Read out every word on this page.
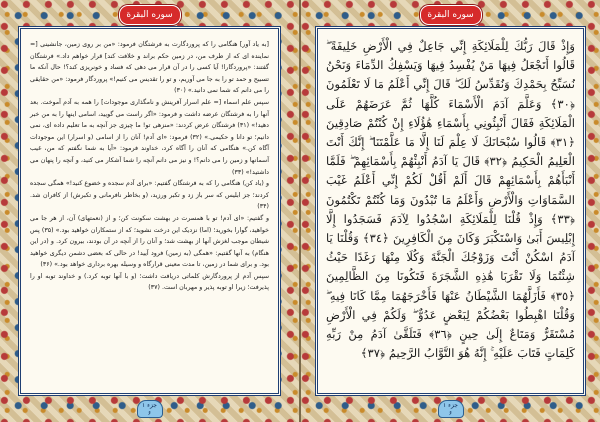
سوره البقرة
[به یاد آور] هنگامی را که پروردگارت به فرشتگان فرمود: «من بر روی زمین، جانشینی [= نماینده ای که از طرف من، در زمین حکم براند و خلافت کند] قرار خواهم داد.» فرشتگان گفتند: «پروردگارا! آیا کسی را در آن قرار می دهی که فساد و خونریزی کند؟! حال آنکه ما تسبیح و حمد تو را به جا می آوریم، و تو را تقدیس می کنیم!» پروردگار فرمود: «من حقایقی را می دانم که شما نمی دانید.» (۳۰)
سپس علم اسماء [= علم اسرار آفرینش و نامگذاری موجودات] را همه به آدم آموخت. بعد آنها را به فرشتگان عرضه داشت و فرمود: «اگر راست می گویید، اسامی اینها را به من خبر دهید!» (۳۱) فرشتگان عرض کردند: «منزهی تو! ما چیزی جز آنچه به ما تعلیم داده ای، نمی دانیم؛ تو دانا و حکیمی.» (۳۲) فرمود: «ای آدم! آنان را از اسامی (و اسرار) این موجودات آگاه کن.» هنگامی که آنان را آگاه کرد، خداوند فرمود: «آیا به شما نگفتم که من، غیب آسمانها و زمین را می دانم؟! و نیز می دانم آنچه را شما آشکار می کنید، و آنچه را پنهان می داشتید!» (۳۳)
و (یاد کن) هنگامی را که به فرشتگان گفتیم: «برای آدم سجده و خضوع کنید!» همگی سجده کردند؛ جز ابلیس که سر باز زد و تکبر ورزید، (و بخاطر نافرمانی و تکبرش) از کافران شد. (۳۴)
و گفتیم: «ای آدم! تو با همسرت در بهشت سکونت کن؛ و از (نعمتهای) آن، از هر جا می خواهید، گوارا بخورید؛ (اما) نزدیک این درخت نشوید؛ که از ستمکاران خواهید بود.» (۳۵) پس شیطان موجب لغزش آنها از بهشت شد؛ و آنان را از آنچه در آن بودند، بیرون کرد. و (در این هنگام) به آنها گفتیم: «همگی (به زمین) فرود آیید! در حالی که بعضی دشمن دیگری خواهید بود. و برای شما در زمین، تا مدت معینی قرارگاه و وسیله بهره برداری خواهد بود.» (۳۶)
سپس آدم از پروردگارش کلماتی دریافت داشت؛ (و با آنها توبه کرد.) و خداوند توبه او را پذیرفت؛ زیرا او توبه پذیر و مهربان است. (۳۷)
جزء ۱
۶
سوره البقرة
وَإِذْ قَالَ رَبُّكَ لِلْمَلَائِكَةِ إِنِّي جَاعِلٌ فِي الْأَرْضِ خَلِيفَةً ۖ قَالُوا أَتَجْعَلُ فِيهَا مَنْ يُفْسِدُ فِيهَا وَيَسْفِكُ الدِّمَاءَ وَنَحْنُ نُسَبِّحُ بِحَمْدِكَ وَنُقَدِّسُ لَكَ ۖ قَالَ إِنِّي أَعْلَمُ مَا لَا تَعْلَمُونَ ﴿٣٠﴾ وَعَلَّمَ آدَمَ الْأَسْمَاءَ كُلَّهَا ثُمَّ عَرَضَهُمْ عَلَى الْمَلَائِكَةِ فَقَالَ أَنْبِئُونِي بِأَسْمَاءِ هَٰؤُلَاءِ إِنْ كُنْتُمْ صَادِقِينَ ﴿٣١﴾ قَالُوا سُبْحَانَكَ لَا عِلْمَ لَنَا إِلَّا مَا عَلَّمْتَنَا ۖ إِنَّكَ أَنْتَ الْعَلِيمُ الْحَكِيمُ ﴿٣٢﴾ قَالَ يَا آدَمُ أَنْبِئْهُمْ بِأَسْمَائِهِمْ ۖ فَلَمَّا أَنْبَأَهُمْ بِأَسْمَائِهِمْ قَالَ أَلَمْ أَقُلْ لَكُمْ إِنِّي أَعْلَمُ غَيْبَ السَّمَاوَاتِ وَالْأَرْضِ وَأَعْلَمُ مَا تُبْدُونَ وَمَا كُنْتُمْ تَكْتُمُونَ ﴿٣٣﴾ وَإِذْ قُلْنَا لِلْمَلَائِكَةِ اسْجُدُوا لِآدَمَ فَسَجَدُوا إِلَّا إِبْلِيسَ أَبَىٰ وَاسْتَكْبَرَ وَكَانَ مِنَ الْكَافِرِينَ ﴿٣٤﴾ وَقُلْنَا يَا آدَمُ اسْكُنْ أَنْتَ وَزَوْجُكَ الْجَنَّةَ وَكُلَا مِنْهَا رَغَدًا حَيْثُ شِئْتُمَا وَلَا تَقْرَبَا هَٰذِهِ الشَّجَرَةَ فَتَكُونَا مِنَ الظَّالِمِينَ ﴿٣٥﴾ فَأَزَلَّهُمَا الشَّيْطَانُ عَنْهَا فَأَخْرَجَهُمَا مِمَّا كَانَا فِيهِ ۖ وَقُلْنَا اهْبِطُوا بَعْضُكُمْ لِبَعْضٍ عَدُوٌّ ۖ وَلَكُمْ فِي الْأَرْضِ مُسْتَقَرٌّ وَمَتَاعٌ إِلَىٰ حِينٍ ﴿٣٦﴾ فَتَلَقَّىٰ آدَمُ مِنْ رَبِّهِ كَلِمَاتٍ فَتَابَ عَلَيْهِ ۚ إِنَّهُ هُوَ التَّوَّابُ الرَّحِيمُ ﴿٣٧﴾
جزء ۱
۶
